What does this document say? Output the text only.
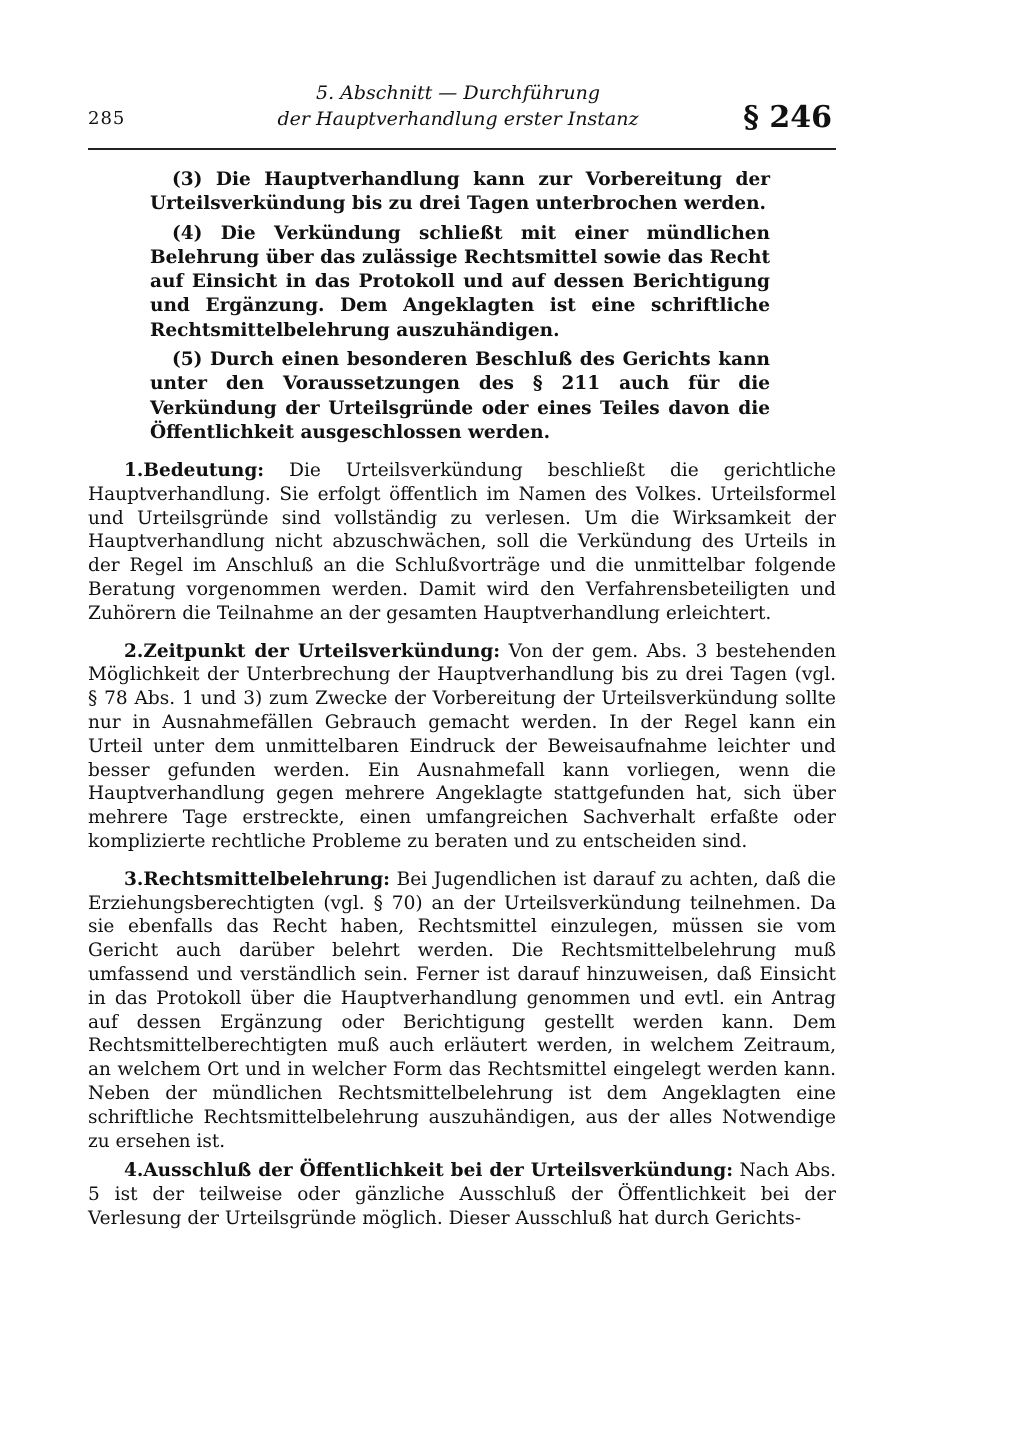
285
5. Abschnitt — Durchführung
der Hauptverhandlung erster Instanz	§ 246

(3) Die Hauptverhandlung kann zur Vorbereitung der Urteilsverkündung bis zu drei Tagen unterbrochen werden.

(4) Die Verkündung schließt mit einer mündlichen Belehrung über das zulässige Rechtsmittel sowie das Recht auf Einsicht in das Protokoll und auf dessen Berichtigung und Ergänzung. Dem Angeklagten ist eine schriftliche Rechtsmittelbelehrung auszuhändigen.

(5) Durch einen besonderen Beschluß des Gerichts kann unter den Voraussetzungen des § 211 auch für die Verkündung der Urteilsgründe oder eines Teiles davon die Öffentlichkeit ausgeschlossen werden.

1.Bedeutung: Die Urteilsverkündung beschließt die gerichtliche Hauptverhandlung. Sie erfolgt öffentlich im Namen des Volkes. Urteilsformel und Urteilsgründe sind vollständig zu verlesen. Um die Wirksamkeit der Hauptverhandlung nicht abzuschwächen, soll die Verkündung des Urteils in der Regel im Anschluß an die Schlußvorträge und die unmittelbar folgende Beratung vorgenommen werden. Damit wird den Verfahrensbeteiligten und Zuhörern die Teilnahme an der gesamten Hauptverhandlung erleichtert.

2.Zeitpunkt der Urteilsverkündung: Von der gem. Abs. 3 bestehenden Möglichkeit der Unterbrechung der Hauptverhandlung bis zu drei Tagen (vgl. § 78 Abs. 1 und 3) zum Zwecke der Vorbereitung der Urteilsverkündung sollte nur in Ausnahmefällen Gebrauch gemacht werden. In der Regel kann ein Urteil unter dem unmittelbaren Eindruck der Beweisaufnahme leichter und besser gefunden werden. Ein Ausnahmefall kann vorliegen, wenn die Hauptverhandlung gegen mehrere Angeklagte stattgefunden hat, sich über mehrere Tage erstreckte, einen umfangreichen Sachverhalt erfaßte oder komplizierte rechtliche Probleme zu beraten und zu entscheiden sind.

3.Rechtsmittelbelehrung: Bei Jugendlichen ist darauf zu achten, daß die Erziehungsberechtigten (vgl. § 70) an der Urteilsverkündung teilnehmen. Da sie ebenfalls das Recht haben, Rechtsmittel einzulegen, müssen sie vom Gericht auch darüber belehrt werden. Die Rechtsmittelbelehrung muß umfassend und verständlich sein. Ferner ist darauf hinzuweisen, daß Einsicht in das Protokoll über die Hauptverhandlung genommen und evtl. ein Antrag auf dessen Ergänzung oder Berichtigung gestellt werden kann. Dem Rechtsmittelberechtigten muß auch erläutert werden, in welchem Zeitraum, an welchem Ort und in welcher Form das Rechtsmittel eingelegt werden kann. Neben der mündlichen Rechtsmittelbelehrung ist dem Angeklagten eine schriftliche Rechtsmittelbelehrung auszuhändigen, aus der alles Notwendige zu ersehen ist.

4.Ausschluß der Öffentlichkeit bei der Urteilsverkündung: Nach Abs. 5 ist der teilweise oder gänzliche Ausschluß der Öffentlichkeit bei der Verlesung der Urteilsgründe möglich. Dieser Ausschluß hat durch Gerichts-
